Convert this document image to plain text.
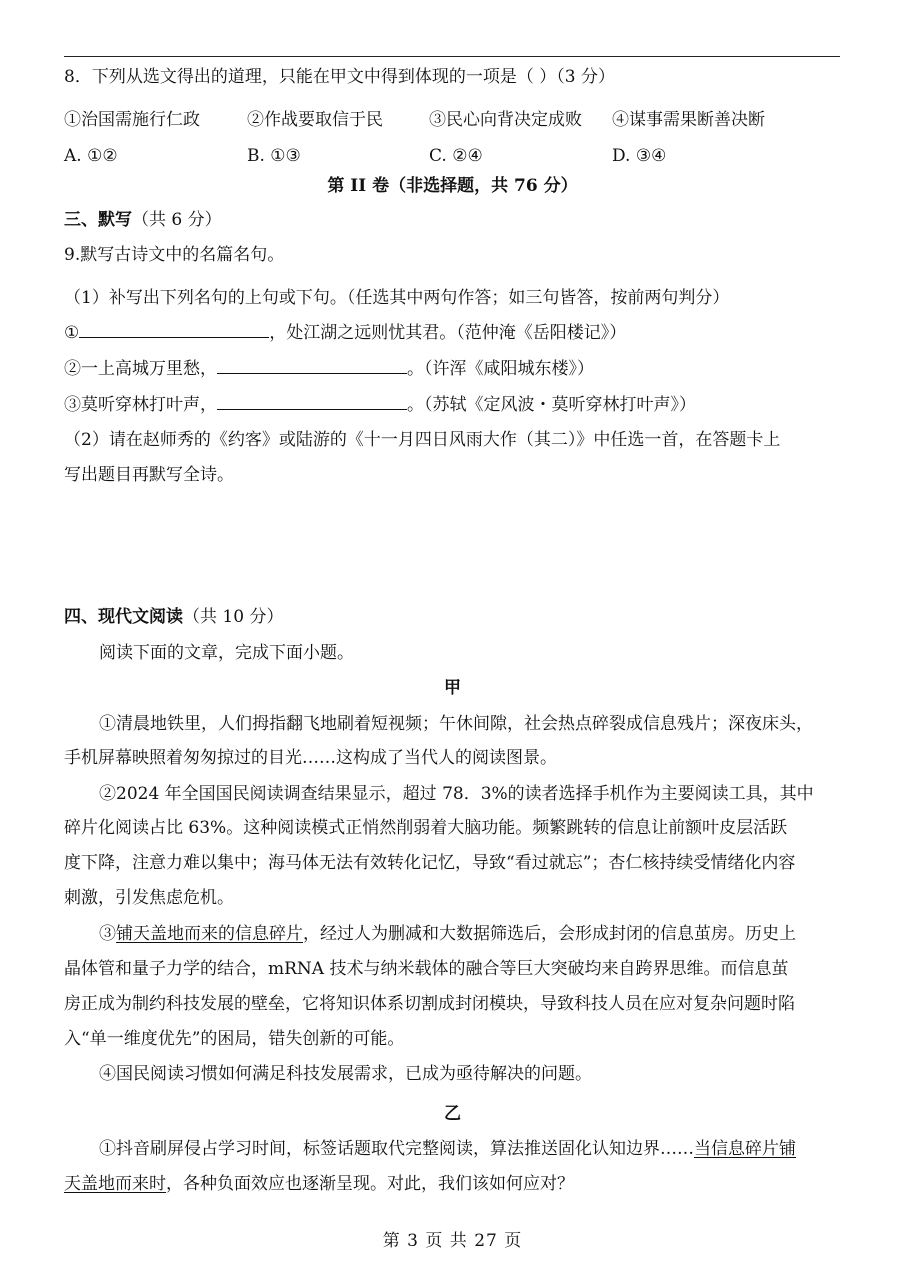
8．下列从选文得出的道理，只能在甲文中得到体现的一项是（ ）（3 分）
①治国需施行仁政	②作战要取信于民	③民心向背决定成败 ④谋事需果断善决断
A. ①②	B. ①③	C. ②④	D. ③④
第 II 卷（非选择题，共 76 分）
三、默写（共 6 分）
9.默写古诗文中的名篇名句。
（1）补写出下列名句的上句或下句。（任选其中两句作答；如三句皆答，按前两句判分）
①	，处江湖之远则忧其君。（范仲淹《岳阳楼记》）
②一上高城万里愁，	。（许浑《咸阳城东楼》）
③莫听穿林打叶声，	。（苏轼《定风波・莫听穿林打叶声》）
（2）请在赵师秀的《约客》或陆游的《十一月四日风雨大作（其二）》中任选一首，在答题卡上
写出题目再默写全诗。
四、现代文阅读（共 10 分）
阅读下面的文章，完成下面小题。
甲
①清晨地铁里，人们拇指翻飞地刷着短视频；午休间隙，社会热点碎裂成信息残片；深夜床头，
手机屏幕映照着匆匆掠过的目光……这构成了当代人的阅读图景。
②2024 年全国国民阅读调查结果显示，超过 78．3%的读者选择手机作为主要阅读工具，其中
碎片化阅读占比 63%。这种阅读模式正悄然削弱着大脑功能。频繁跳转的信息让前额叶皮层活跃
度下降，注意力难以集中；海马体无法有效转化记忆，导致“看过就忘”；杏仁核持续受情绪化内容
刺激，引发焦虑危机。
③铺天盖地而来的信息碎片，经过人为删减和大数据筛选后，会形成封闭的信息茧房。历史上
晶体管和量子力学的结合，mRNA 技术与纳米载体的融合等巨大突破均来自跨界思维。而信息茧
房正成为制约科技发展的壁垒，它将知识体系切割成封闭模块，导致科技人员在应对复杂问题时陷
入“单一维度优先”的困局，错失创新的可能。
④国民阅读习惯如何满足科技发展需求，已成为亟待解决的问题。
乙
①抖音刷屏侵占学习时间，标签话题取代完整阅读，算法推送固化认知边界……当信息碎片铺
天盖地而来时，各种负面效应也逐渐呈现。对此，我们该如何应对？
第 3 页 共 27 页
